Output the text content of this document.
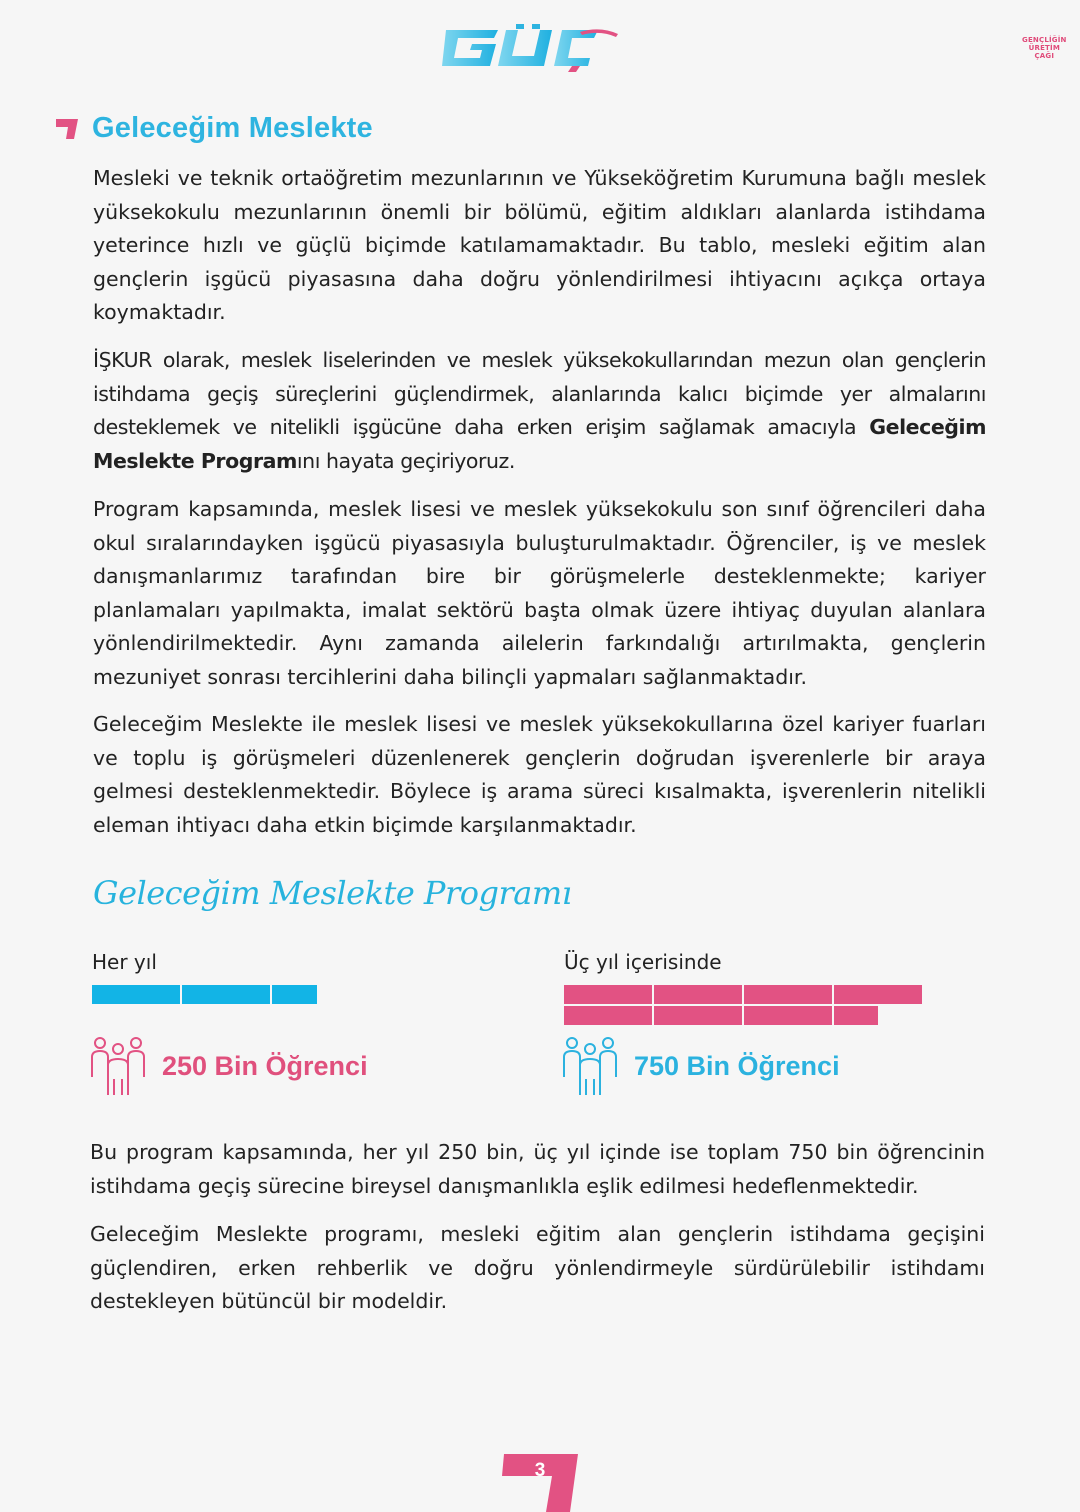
GENÇLİĞİN
ÜRETİM ÇAĞI
Geleceğim Meslekte

Mesleki ve teknik ortaöğretim mezunlarının ve Yükseköğretim Kurumuna bağlı meslek yüksekokulu mezunlarının önemli bir bölümü, eğitim aldıkları alanlarda istihdama yeterince hızlı ve güçlü biçimde katılamamaktadır. Bu tablo, mesleki eğitim alan gençlerin işgücü piyasasına daha doğru yönlendirilmesi ihtiyacını açıkça ortaya koymaktadır.

İŞKUR olarak, meslek liselerinden ve meslek yüksekokullarından mezun olan gençlerin istihdama geçiş süreçlerini güçlendirmek, alanlarında kalıcı biçimde yer almalarını desteklemek ve nitelikli işgücüne daha erken erişim sağlamak amacıyla Geleceğim Meslekte Programını hayata geçiriyoruz.

Program kapsamında, meslek lisesi ve meslek yüksekokulu son sınıf öğrencileri daha okul sıralarındayken işgücü piyasasıyla buluşturulmaktadır. Öğrenciler, iş ve meslek danışmanlarımız tarafından bire bir görüşmelerle desteklenmekte; kariyer planlamaları yapılmakta, imalat sektörü başta olmak üzere ihtiyaç duyulan alanlara yönlendirilmektedir. Aynı zamanda ailelerin farkındalığı artırılmakta, gençlerin mezuniyet sonrası tercihlerini daha bilinçli yapmaları sağlanmaktadır.

Geleceğim Meslekte ile meslek lisesi ve meslek yüksekokullarına özel kariyer fuarları ve toplu iş görüşmeleri düzenlenerek gençlerin doğrudan işverenlerle bir araya gelmesi desteklenmektedir. Böylece iş arama süreci kısalmakta, işverenlerin nitelikli eleman ihtiyacı daha etkin biçimde karşılanmaktadır.

Geleceğim Meslekte Programı
Her yıl	Üç yıl içerisinde
250 Bin Öğrenci	750 Bin Öğrenci

Bu program kapsamında, her yıl 250 bin, üç yıl içinde ise toplam 750 bin öğrencinin istihdama geçiş sürecine bireysel danışmanlıkla eşlik edilmesi hedeflenmektedir.

Geleceğim Meslekte programı, mesleki eğitim alan gençlerin istihdama geçişini güçlendiren, erken rehberlik ve doğru yönlendirmeyle sürdürülebilir istihdamı destekleyen bütüncül bir modeldir.

3
